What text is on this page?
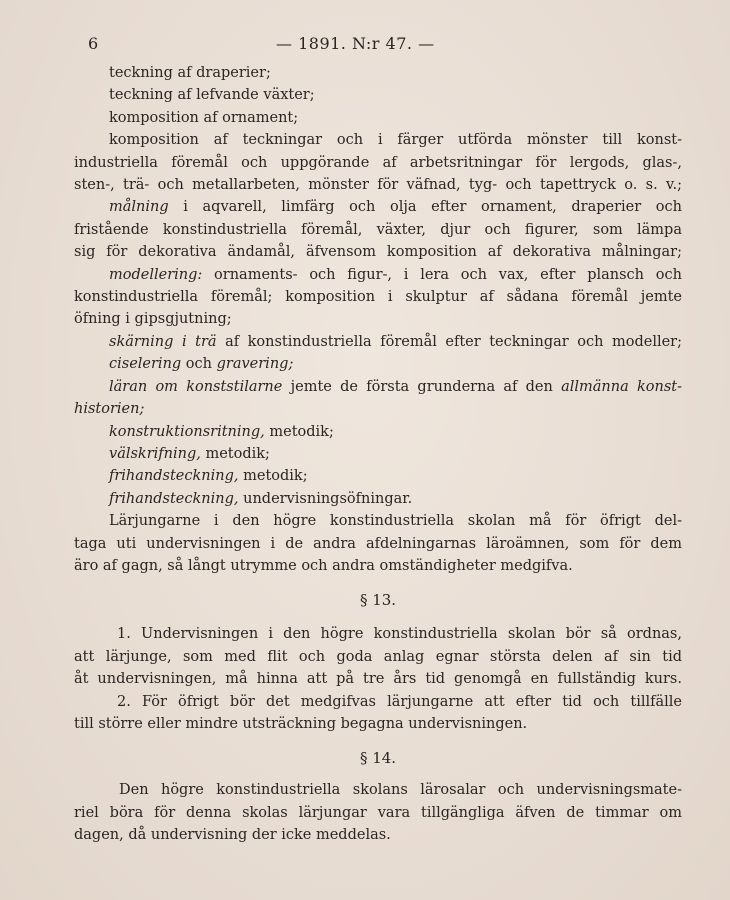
6	— 1891. N:r 47. —
teckning af draperier;
teckning af lefvande växter;
komposition af ornament;
komposition af teckningar och i färger utförda mönster till konst-
industriella föremål och uppgörande af arbetsritningar för lergods, glas-,
sten-, trä- och metallarbeten, mönster för väfnad, tyg- och tapettryck o. s. v.;
målning i aqvarell, limfärg och olja efter ornament, draperier och
fristående konstindustriella föremål, växter, djur och figurer, som lämpa
sig för dekorativa ändamål, äfvensom komposition af dekorativa målningar;
modellering: ornaments- och figur-, i lera och vax, efter plansch och
konstindustriella föremål; komposition i skulptur af sådana föremål jemte
öfning i gipsgjutning;
skärning i trä af konstindustriella föremål efter teckningar och modeller;
ciselering och gravering;
läran om konststilarne jemte de första grunderna af den allmänna konst-
historien;
konstruktionsritning, metodik;
välskrifning, metodik;
frihandsteckning, metodik;
frihandsteckning, undervisningsöfningar.
Lärjungarne i den högre konstindustriella skolan må för öfrigt del-
taga uti undervisningen i de andra afdelningarnas läroämnen, som för dem
äro af gagn, så långt utrymme och andra omständigheter medgifva.
§ 13.
1. Undervisningen i den högre konstindustriella skolan bör så ordnas,
att lärjunge, som med flit och goda anlag egnar största delen af sin tid
åt undervisningen, må hinna att på tre års tid genomgå en fullständig kurs.
2. För öfrigt bör det medgifvas lärjungarne att efter tid och tillfälle
till större eller mindre utsträckning begagna undervisningen.
§ 14.
Den högre konstindustriella skolans lärosalar och undervisningsmate-
riel böra för denna skolas lärjungar vara tillgängliga äfven de timmar om
dagen, då undervisning der icke meddelas.
